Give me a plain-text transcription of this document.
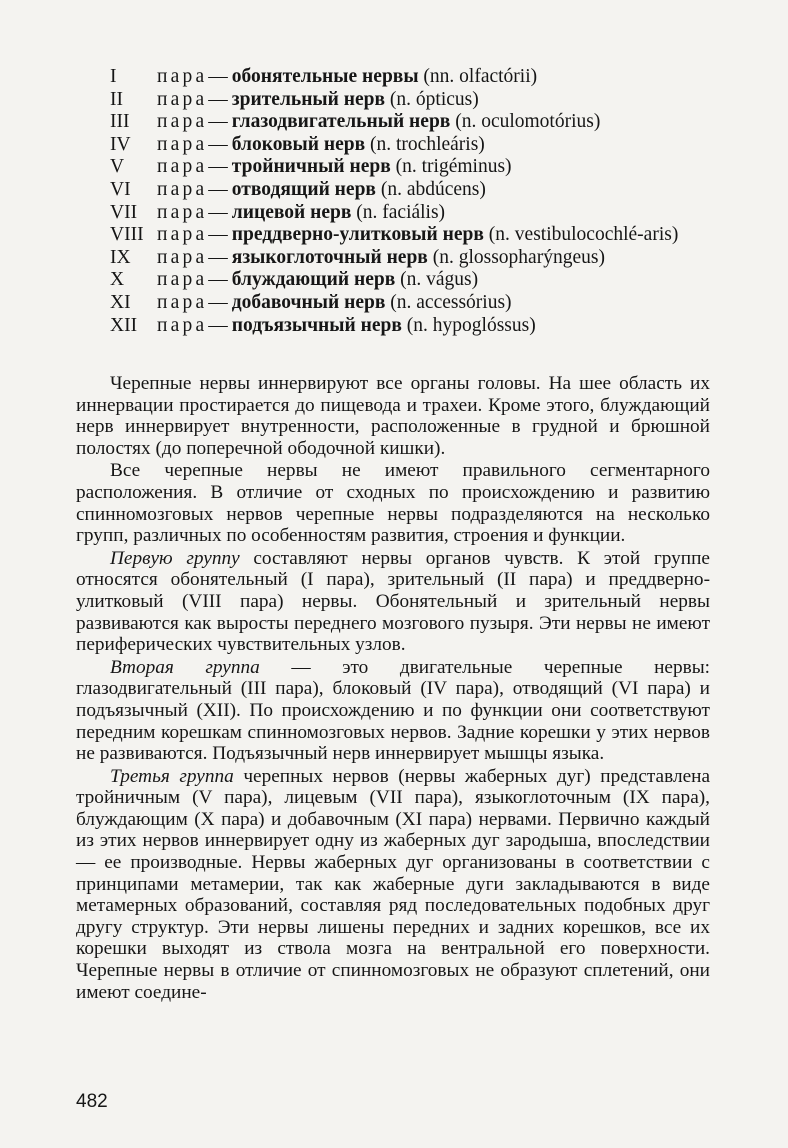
I	пара — обонятельные нервы (nn. olfactórii)
II	пара — зрительный нерв (n. ópticus)
III	пара — глазодвигательный нерв (n. oculomotórius)
IV	пара — блоковый нерв (n. trochleáris)
V	пара — тройничный нерв (n. trigéminus)
VI	пара — отводящий нерв (n. abdúcens)
VII	пара — лицевой нерв (n. faciális)
VIII пара — преддверно-улитковый нерв (n. vestibulocochlé-aris)
IX	пара — языкоглоточный нерв (n. glossopharýngeus)
X	пара — блуждающий нерв (n. vágus)
XI	пара — добавочный нерв (n. accessórius)
XII	пара — подъязычный нерв (n. hypoglóssus)

Черепные нервы иннервируют все органы головы. На шее область их иннервации простирается до пищевода и трахеи. Кроме этого, блуждающий нерв иннервирует внутренности, расположенные в грудной и брюшной полостях (до поперечной ободочной кишки).

Все черепные нервы не имеют правильного сегментарного расположения. В отличие от сходных по происхождению и развитию спинномозговых нервов черепные нервы подразделяются на несколько групп, различных по особенностям развития, строения и функции.

Первую группу составляют нервы органов чувств. К этой группе относятся обонятельный (I пара), зрительный (II пара) и преддверно-улитковый (VIII пара) нервы. Обонятельный и зрительный нервы развиваются как выросты переднего мозгового пузыря. Эти нервы не имеют периферических чувствительных узлов.

Вторая группа — это двигательные черепные нервы: глазодвигательный (III пара), блоковый (IV пара), отводящий (VI пара) и подъязычный (XII). По происхождению и по функции они соответствуют передним корешкам спинномозговых нервов. Задние корешки у этих нервов не развиваются. Подъязычный нерв иннервирует мышцы языка.

Третья группа черепных нервов (нервы жаберных дуг) представлена тройничным (V пара), лицевым (VII пара), языкоглоточным (IX пара), блуждающим (X пара) и добавочным (XI пара) нервами. Первично каждый из этих нервов иннервирует одну из жаберных дуг зародыша, впоследствии — ее производные. Нервы жаберных дуг организованы в соответствии с принципами метамерии, так как жаберные дуги закладываются в виде метамерных образований, составляя ряд последовательных подобных друг другу структур. Эти нервы лишены передних и задних корешков, все их корешки выходят из ствола мозга на вентральной его поверхности. Черепные нервы в отличие от спинномозговых не образуют сплетений, они имеют соедине-

482
